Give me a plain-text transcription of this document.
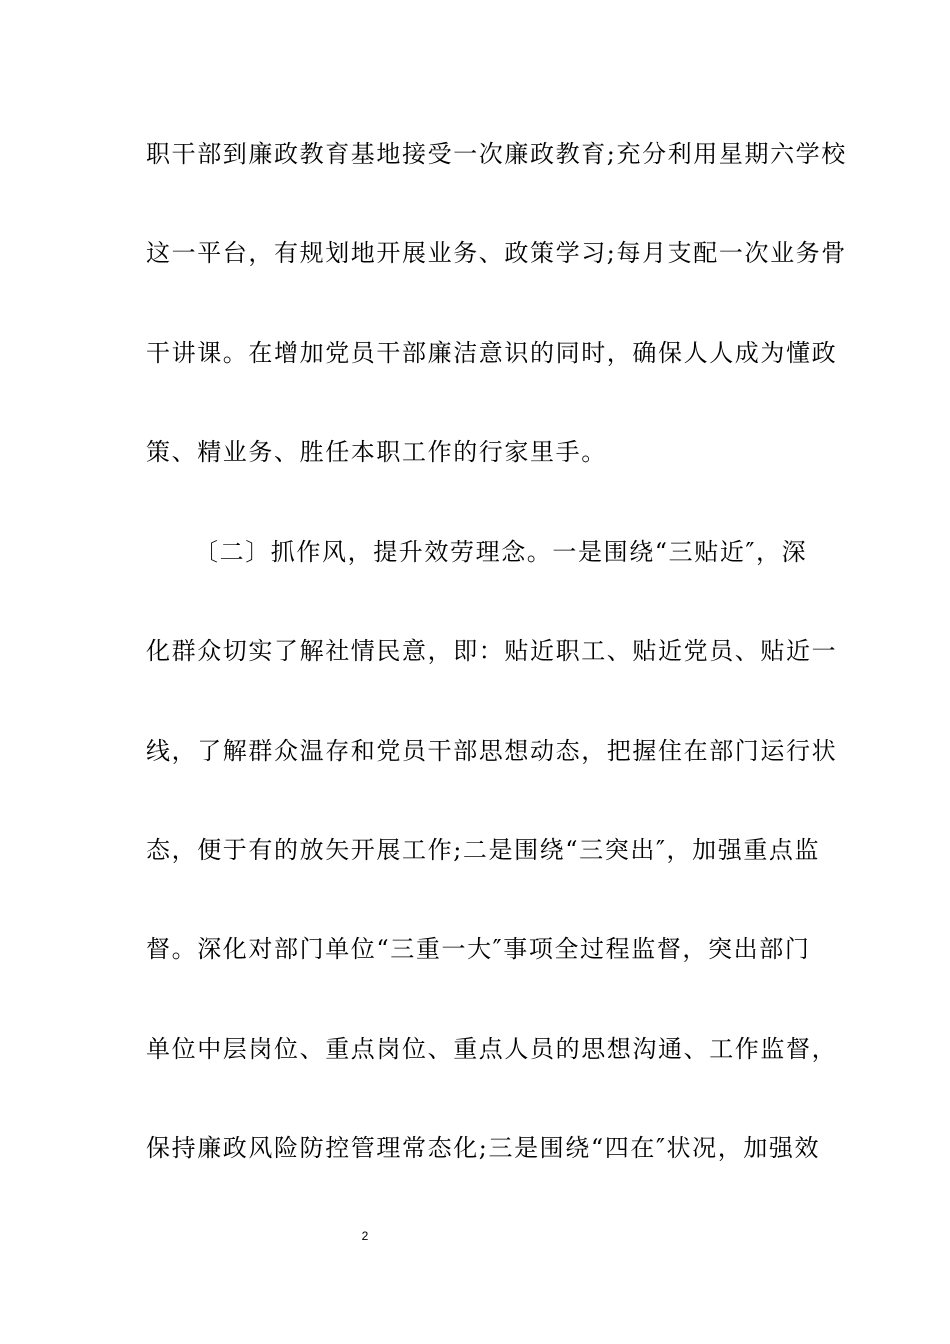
职干部到廉政教育基地接受一次廉政教育;充分利用星期六学校
这一平台，有规划地开展业务、政策学习;每月支配一次业务骨
干讲课。在增加党员干部廉洁意识的同时，确保人人成为懂政
策、精业务、胜任本职工作的行家里手。
〔二〕抓作风，提升效劳理念。一是围绕“三贴近″，深
化群众切实了解社情民意，即：贴近职工、贴近党员、贴近一
线，了解群众温存和党员干部思想动态，把握住在部门运行状
态，便于有的放矢开展工作;二是围绕“三突出″，加强重点监
督。深化对部门单位“三重一大″事项全过程监督，突出部门
单位中层岗位、重点岗位、重点人员的思想沟通、工作监督，
保持廉政风险防控管理常态化;三是围绕“四在″状况，加强效
2
